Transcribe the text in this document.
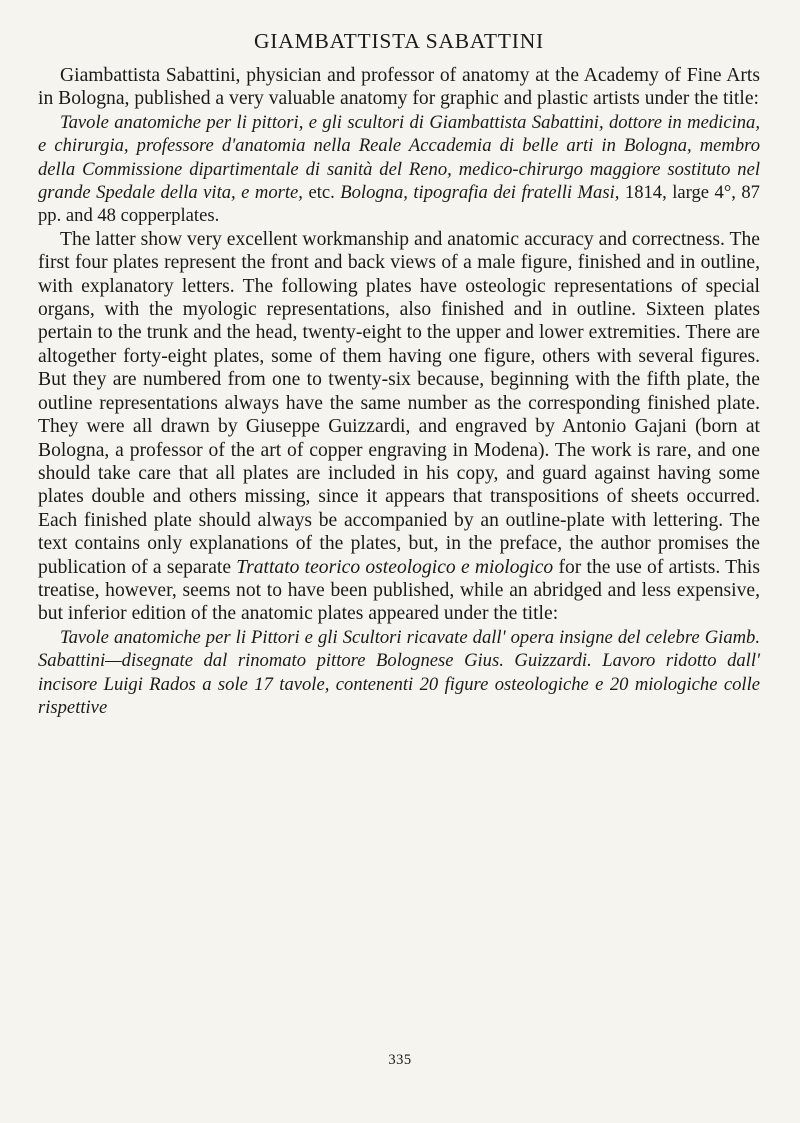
GIAMBATTISTA SABATTINI

Giambattista Sabattini, physician and professor of anatomy at the Academy of Fine Arts in Bologna, published a very valuable anatomy for graphic and plastic artists under the title:

Tavole anatomiche per li pittori, e gli scultori di Giambattista Sabattini, dottore in medicina, e chirurgia, professore d'anatomia nella Reale Accademia di belle arti in Bologna, membro della Commissione dipartimentale di sanità del Reno, medico-chirurgo maggiore sostituto nel grande Spedale della vita, e morte, etc. Bologna, tipografia dei fratelli Masi, 1814, large 4°, 87 pp. and 48 copperplates.

The latter show very excellent workmanship and anatomic accuracy and correctness. The first four plates represent the front and back views of a male figure, finished and in outline, with explanatory letters. The following plates have osteologic representations of special organs, with the myologic representations, also finished and in outline. Sixteen plates pertain to the trunk and the head, twenty-eight to the upper and lower extremities. There are altogether forty-eight plates, some of them having one figure, others with several figures. But they are numbered from one to twenty-six because, beginning with the fifth plate, the outline representations always have the same number as the corresponding finished plate. They were all drawn by Giuseppe Guizzardi, and engraved by Antonio Gajani (born at Bologna, a professor of the art of copper engraving in Modena). The work is rare, and one should take care that all plates are included in his copy, and guard against having some plates double and others missing, since it appears that transpositions of sheets occurred. Each finished plate should always be accompanied by an outline-plate with lettering. The text contains only explanations of the plates, but, in the preface, the author promises the publication of a separate Trattato teorico osteologico e miologico for the use of artists. This treatise, however, seems not to have been published, while an abridged and less expensive, but inferior edition of the anatomic plates appeared under the title:

Tavole anatomiche per li Pittori e gli Scultori ricavate dall' opera insigne del celebre Giamb. Sabattini—disegnate dal rinomato pittore Bolognese Gius. Guizzardi. Lavoro ridotto dall' incisore Luigi Rados a sole 17 tavole, contenenti 20 figure osteologiche e 20 miologiche colle rispettive

335
